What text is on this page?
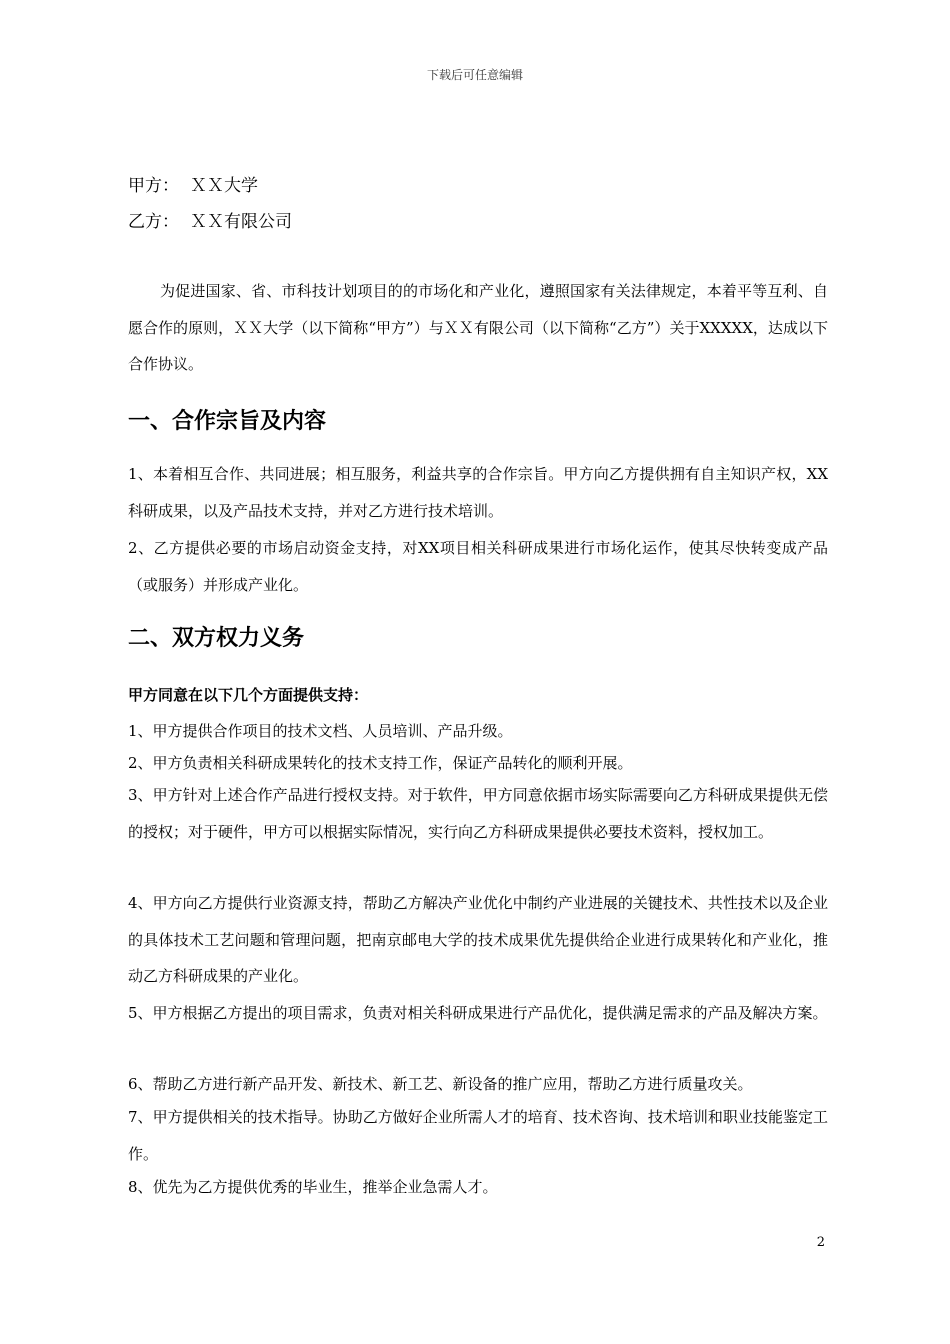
下载后可任意编辑
甲方： ＸＸ大学
乙方： ＸＸ有限公司
为促进国家、省、市科技计划项目的的市场化和产业化，遵照国家有关法律规定，本着平等互利、自愿合作的原则，ＸＸ大学（以下简称“甲方”）与ＸＸ有限公司（以下简称“乙方”）关于XXXXX，达成以下合作协议。
一、合作宗旨及内容
1、本着相互合作、共同进展；相互服务，利益共享的合作宗旨。甲方向乙方提供拥有自主知识产权，XX科研成果，以及产品技术支持，并对乙方进行技术培训。
2、乙方提供必要的市场启动资金支持，对XX项目相关科研成果进行市场化运作，使其尽快转变成产品（或服务）并形成产业化。
二、双方权力义务
甲方同意在以下几个方面提供支持：
1、甲方提供合作项目的技术文档、人员培训、产品升级。
2、甲方负责相关科研成果转化的技术支持工作，保证产品转化的顺利开展。
3、甲方针对上述合作产品进行授权支持。对于软件，甲方同意依据市场实际需要向乙方科研成果提供无偿的授权；对于硬件，甲方可以根据实际情况，实行向乙方科研成果提供必要技术资料，授权加工。
4、甲方向乙方提供行业资源支持，帮助乙方解决产业优化中制约产业进展的关键技术、共性技术以及企业的具体技术工艺问题和管理问题，把南京邮电大学的技术成果优先提供给企业进行成果转化和产业化，推动乙方科研成果的产业化。
5、甲方根据乙方提出的项目需求，负责对相关科研成果进行产品优化，提供满足需求的产品及解决方案。
6、帮助乙方进行新产品开发、新技术、新工艺、新设备的推广应用，帮助乙方进行质量攻关。
7、甲方提供相关的技术指导。协助乙方做好企业所需人才的培育、技术咨询、技术培训和职业技能鉴定工作。
8、优先为乙方提供优秀的毕业生，推举企业急需人才。
2
